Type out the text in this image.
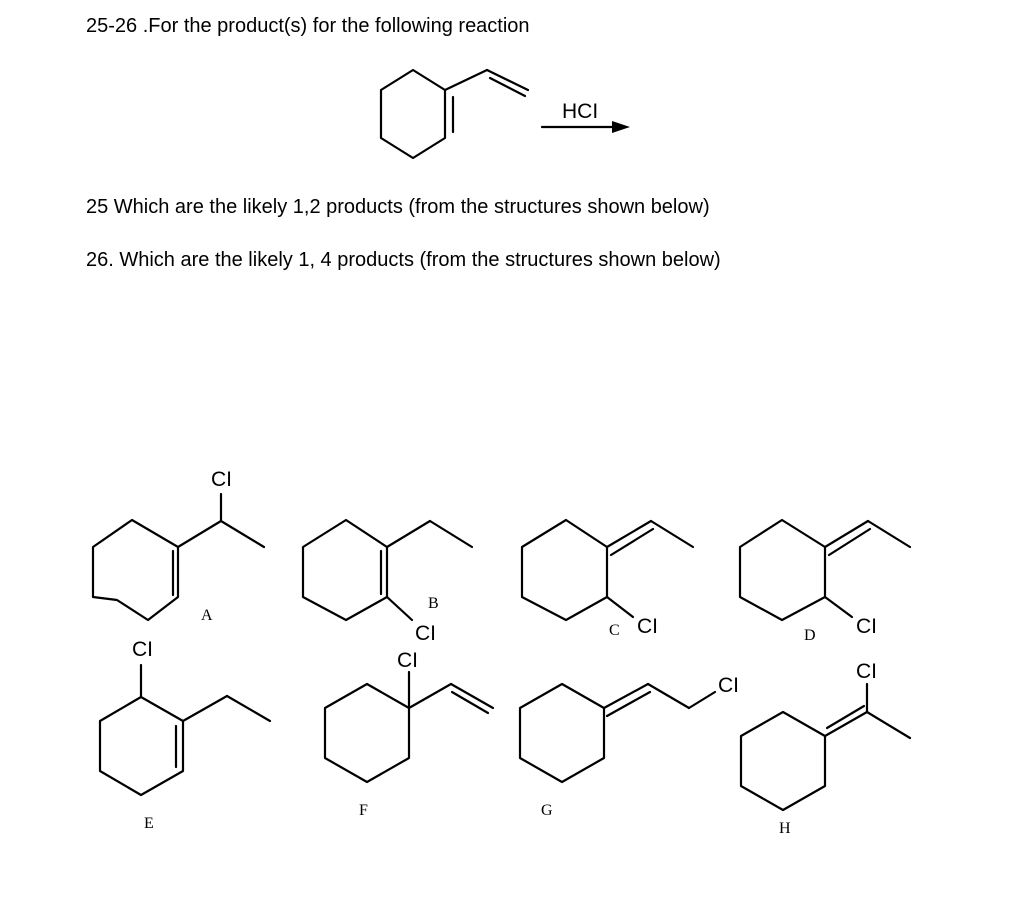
25-26 .For the product(s) for the following reaction
25 Which are the likely 1,2 products (from the structures shown below)
26. Which are the likely 1, 4 products (from the structures shown below)
HCI
CI
A
CI
B
CI
C	CI
D
CI
E
CI
F
CI
G
CI
H
